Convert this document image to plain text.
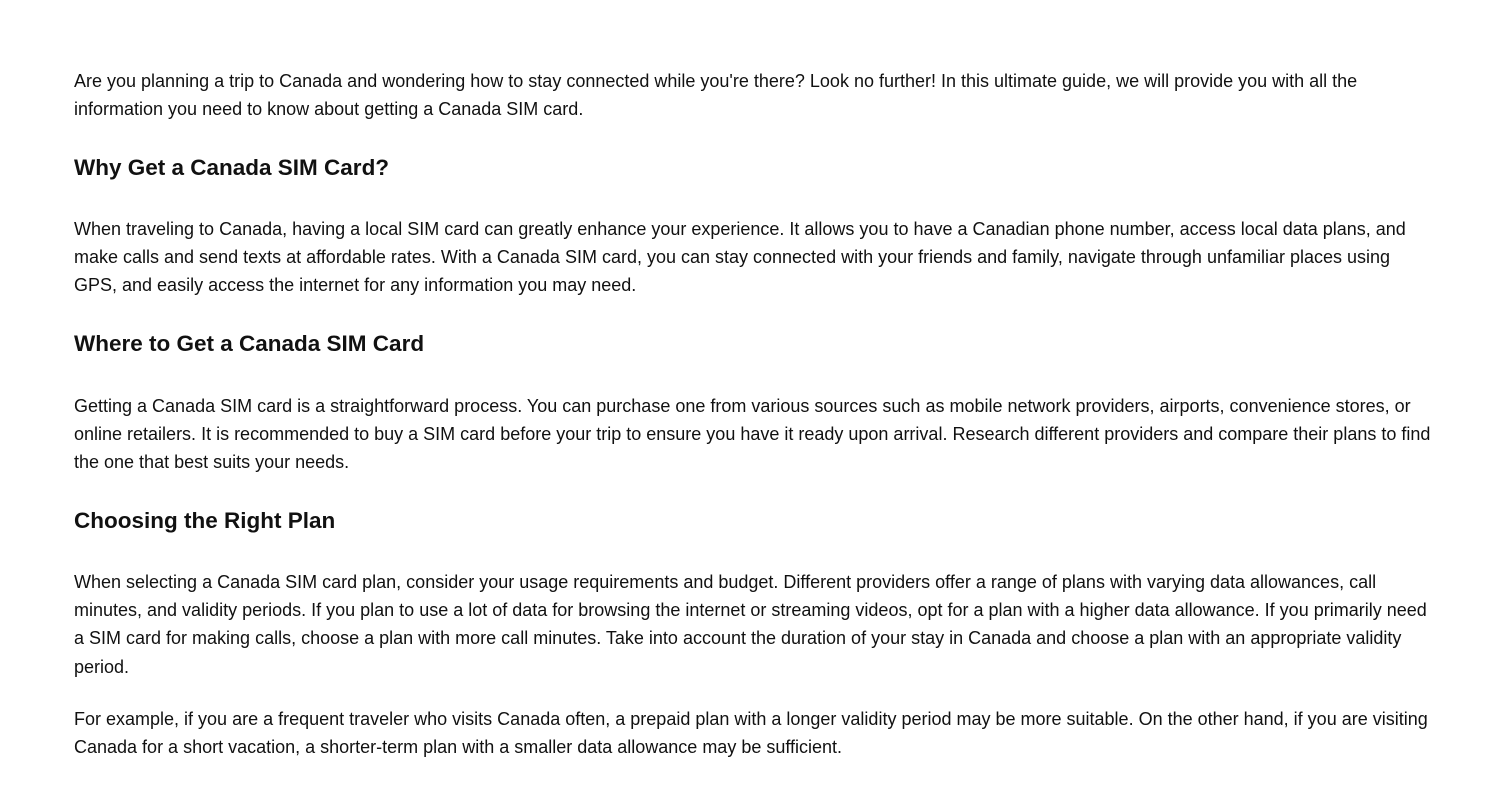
Are you planning a trip to Canada and wondering how to stay connected while you're there? Look no further! In this ultimate guide, we will provide you with all the information you need to know about getting a Canada SIM card.

Why Get a Canada SIM Card?

When traveling to Canada, having a local SIM card can greatly enhance your experience. It allows you to have a Canadian phone number, access local data plans, and make calls and send texts at affordable rates. With a Canada SIM card, you can stay connected with your friends and family, navigate through unfamiliar places using GPS, and easily access the internet for any information you may need.

Where to Get a Canada SIM Card

Getting a Canada SIM card is a straightforward process. You can purchase one from various sources such as mobile network providers, airports, convenience stores, or online retailers. It is recommended to buy a SIM card before your trip to ensure you have it ready upon arrival. Research different providers and compare their plans to find the one that best suits your needs.

Choosing the Right Plan

When selecting a Canada SIM card plan, consider your usage requirements and budget. Different providers offer a range of plans with varying data allowances, call minutes, and validity periods. If you plan to use a lot of data for browsing the internet or streaming videos, opt for a plan with a higher data allowance. If you primarily need a SIM card for making calls, choose a plan with more call minutes. Take into account the duration of your stay in Canada and choose a plan with an appropriate validity period.

For example, if you are a frequent traveler who visits Canada often, a prepaid plan with a longer validity period may be more suitable. On the other hand, if you are visiting Canada for a short vacation, a shorter-term plan with a smaller data allowance may be sufficient.
